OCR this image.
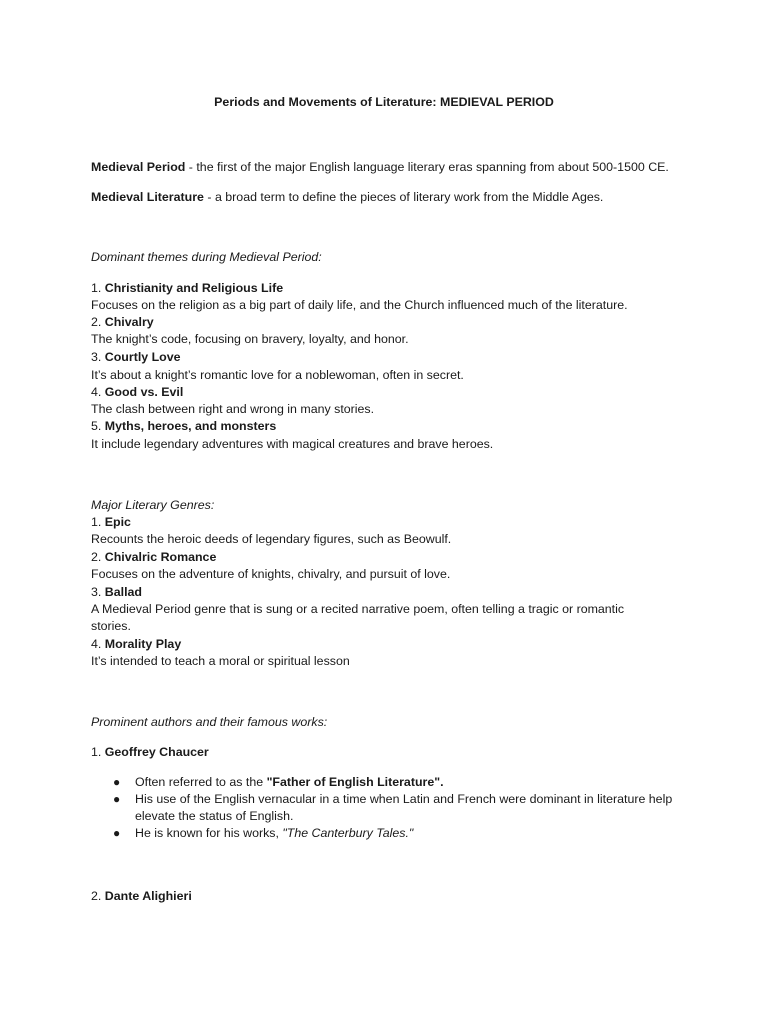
Periods and Movements of Literature: MEDIEVAL PERIOD
Medieval Period - the first of the major English language literary eras spanning from about 500-1500 CE.
Medieval Literature - a broad term to define the pieces of literary work from the Middle Ages.
Dominant themes during Medieval Period:
1. Christianity and Religious Life
Focuses on the religion as a big part of daily life, and the Church influenced much of the literature.
2. Chivalry
The knight’s code, focusing on bravery, loyalty, and honor.
3. Courtly Love
It’s about a knight’s romantic love for a noblewoman, often in secret.
4. Good vs. Evil
The clash between right and wrong in many stories.
5. Myths, heroes, and monsters
It include legendary adventures with magical creatures and brave heroes.
Major Literary Genres:
1. Epic
Recounts the heroic deeds of legendary figures, such as Beowulf.
2. Chivalric Romance
Focuses on the adventure of knights, chivalry, and pursuit of love.
3. Ballad
A Medieval Period genre that is sung or a recited narrative poem, often telling a tragic or romantic stories.
4. Morality Play
It’s intended to teach a moral or spiritual lesson
Prominent authors and their famous works:
1. Geoffrey Chaucer
● Often referred to as the "Father of English Literature".
● His use of the English vernacular in a time when Latin and French were dominant in literature help elevate the status of English.
● He is known for his works, "The Canterbury Tales."
2. Dante Alighieri
